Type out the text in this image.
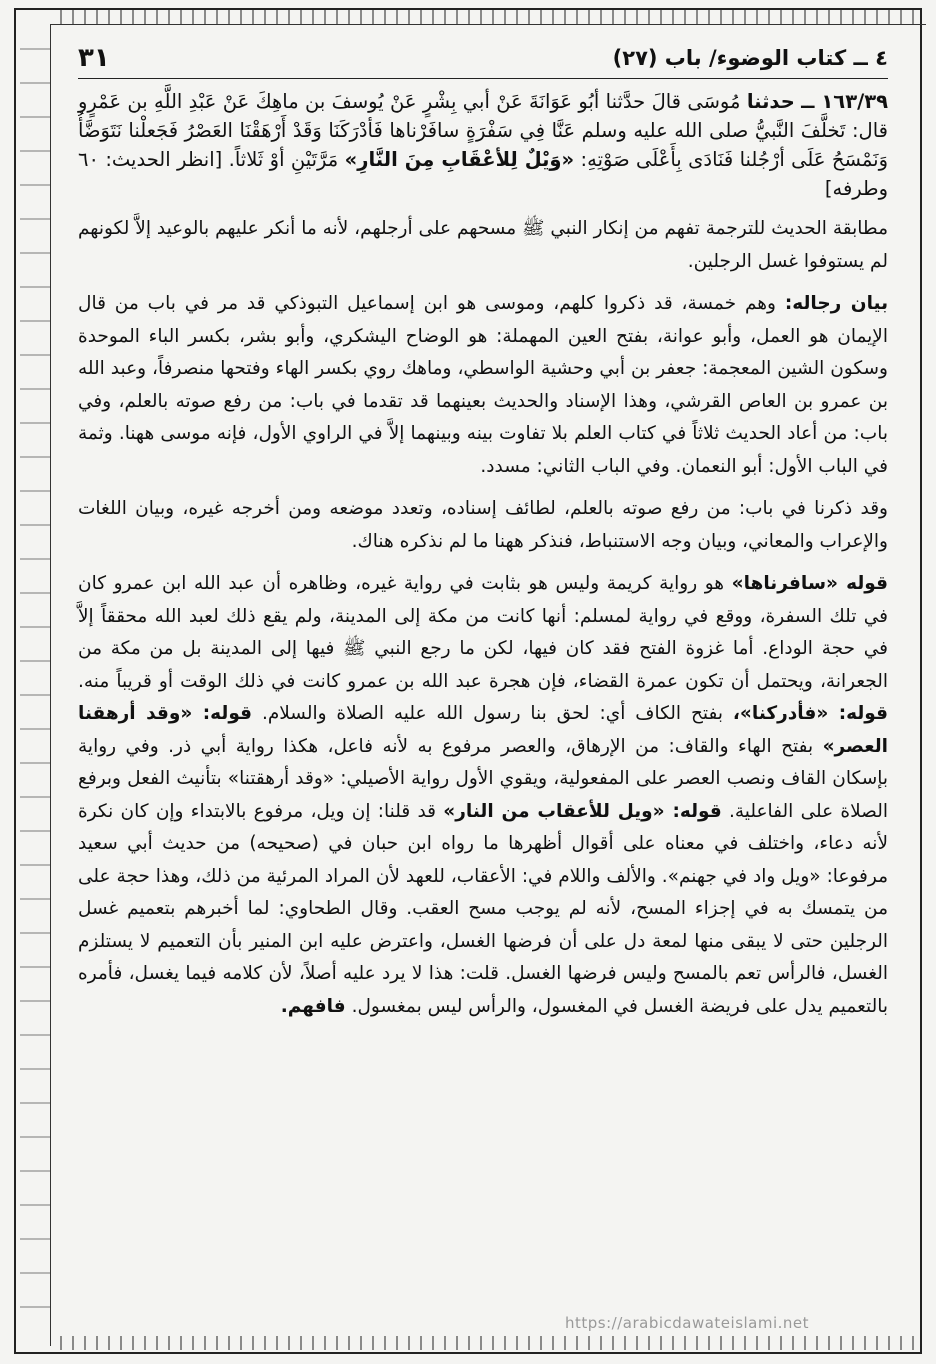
٤ ــ كتاب الوضوء/ باب (٢٧)
٣١

١٦٣/٣٩ ــ حدثنا مُوسَى قالَ حدَّثنا أبُو عَوَانَةَ عَنْ أبي بِشْرٍ عَنْ يُوسفَ بن ماهِكَ عَنْ عَبْدِ اللَّهِ بن عَمْرٍو قال: تَخلَّفَ النَّبيُّ صلى الله عليه وسلم عَنَّا فِي سَفْرَةٍ سافَرْناها فَأدْرَكَنَا وَقَدْ أَرْهَقْنَا العَصْرُ فَجَعلْنا نَتَوَضَّأُ وَنَمْسَحُ عَلَى أرْجُلنا فَنَادَى بِأَعْلَى صَوْتِهِ: «وَيْلٌ لِلأعْقَابِ مِنَ النَّارِ» مَرَّتَيْنِ أوْ ثَلاثاً. [انظر الحديث: ٦٠ وطرفه]

مطابقة الحديث للترجمة تفهم من إنكار النبي ﷺ مسحهم على أرجلهم، لأنه ما أنكر عليهم بالوعيد إلاَّ لكونهم لم يستوفوا غسل الرجلين.

بيان رجاله: وهم خمسة، قد ذكروا كلهم، وموسى هو ابن إسماعيل التبوذكي قد مر في باب من قال الإيمان هو العمل، وأبو عوانة، بفتح العين المهملة: هو الوضاح اليشكري، وأبو بشر، بكسر الباء الموحدة وسكون الشين المعجمة: جعفر بن أبي وحشية الواسطي، وماهك روي بكسر الهاء وفتحها منصرفاً، وعبد الله بن عمرو بن العاص القرشي، وهذا الإسناد والحديث بعينهما قد تقدما في باب: من رفع صوته بالعلم، وفي باب: من أعاد الحديث ثلاثاً في كتاب العلم بلا تفاوت بينه وبينهما إلاَّ في الراوي الأول، فإنه موسى ههنا. وثمة في الباب الأول: أبو النعمان. وفي الباب الثاني: مسدد.

وقد ذكرنا في باب: من رفع صوته بالعلم، لطائف إسناده، وتعدد موضعه ومن أخرجه غيره، وبيان اللغات والإعراب والمعاني، وبيان وجه الاستنباط، فنذكر ههنا ما لم نذكره هناك.

قوله «سافرناها» هو رواية كريمة وليس هو بثابت في رواية غيره، وظاهره أن عبد الله ابن عمرو كان في تلك السفرة، ووقع في رواية لمسلم: أنها كانت من مكة إلى المدينة، ولم يقع ذلك لعبد الله محققاً إلاَّ في حجة الوداع. أما غزوة الفتح فقد كان فيها، لكن ما رجع النبي ﷺ فيها إلى المدينة بل من مكة من الجعرانة، ويحتمل أن تكون عمرة القضاء، فإن هجرة عبد الله بن عمرو كانت في ذلك الوقت أو قريباً منه. قوله: «فأدركنا»، بفتح الكاف أي: لحق بنا رسول الله عليه الصلاة والسلام. قوله: «وقد أرهقنا العصر» بفتح الهاء والقاف: من الإرهاق، والعصر مرفوع به لأنه فاعل، هكذا رواية أبي ذر. وفي رواية بإسكان القاف ونصب العصر على المفعولية، ويقوي الأول رواية الأصيلي: «وقد أرهقتنا» بتأنيث الفعل وبرفع الصلاة على الفاعلية. قوله: «ويل للأعقاب من النار» قد قلنا: إن ويل، مرفوع بالابتداء وإن كان نكرة لأنه دعاء، واختلف في معناه على أقوال أظهرها ما رواه ابن حبان في (صحيحه) من حديث أبي سعيد مرفوعا: «ويل واد في جهنم». والألف واللام في: الأعقاب، للعهد لأن المراد المرئية من ذلك، وهذا حجة على من يتمسك به في إجزاء المسح، لأنه لم يوجب مسح العقب. وقال الطحاوي: لما أخبرهم بتعميم غسل الرجلين حتى لا يبقى منها لمعة دل على أن فرضها الغسل، واعترض عليه ابن المنير بأن التعميم لا يستلزم الغسل، فالرأس تعم بالمسح وليس فرضها الغسل. قلت: هذا لا يرد عليه أصلاً، لأن كلامه فيما يغسل، فأمره بالتعميم يدل على فريضة الغسل في المغسول، والرأس ليس بمغسول. فافهم.

https://arabicdawateislami.net
